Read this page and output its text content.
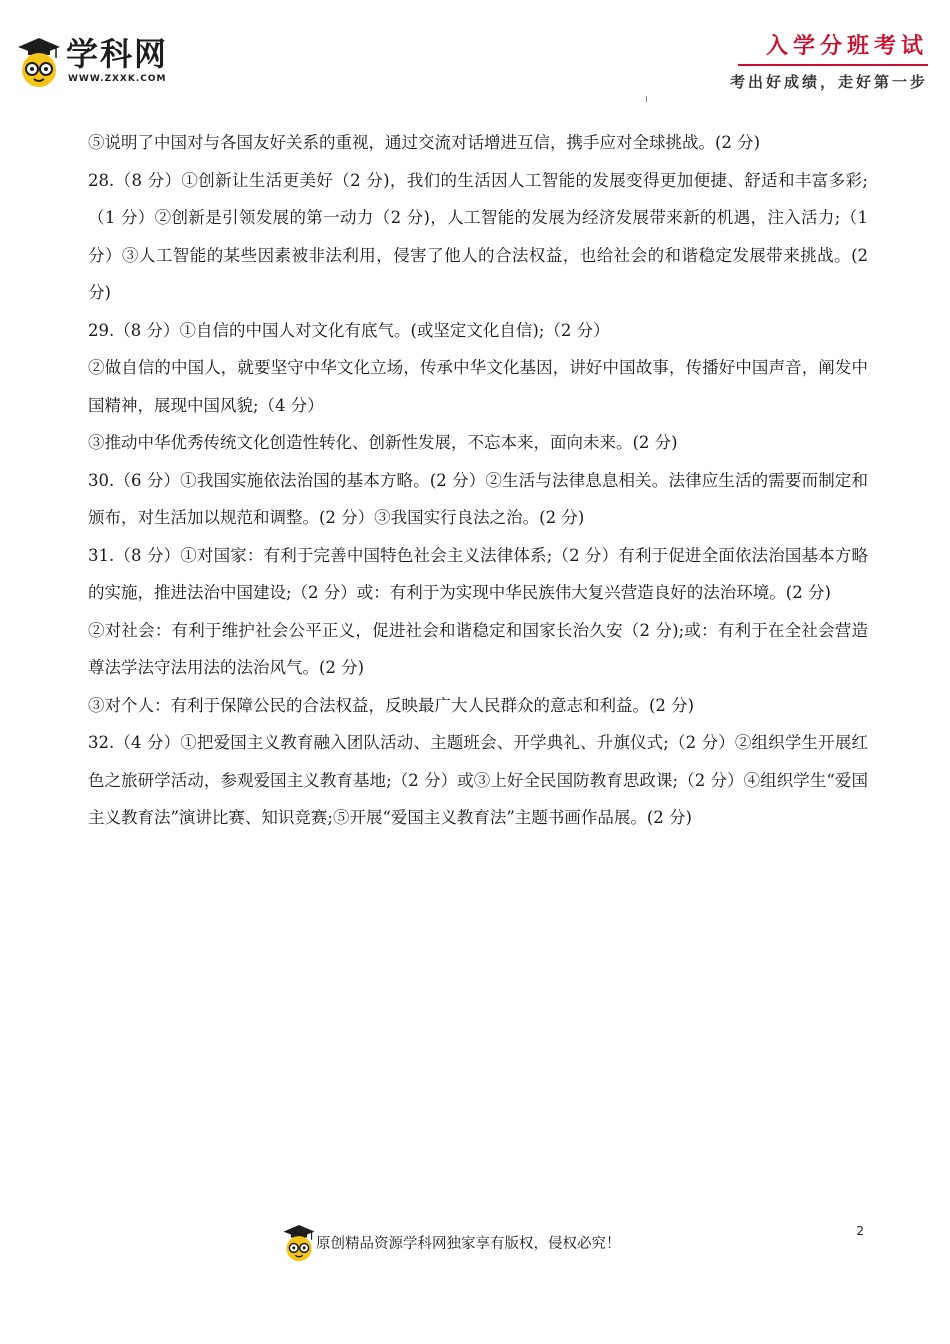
学科网
WWW.ZXXK.COM
入学分班考试
考出好成绩，走好第一步

⑤说明了中国对与各国友好关系的重视，通过交流对话增进互信，携手应对全球挑战。(2 分)

28.（8 分）①创新让生活更美好（2 分)，我们的生活因人工智能的发展变得更加便捷、舒适和丰富多彩;（1 分）②创新是引领发展的第一动力（2 分)，人工智能的发展为经济发展带来新的机遇，注入活力;（1 分）③人工智能的某些因素被非法利用，侵害了他人的合法权益，也给社会的和谐稳定发展带来挑战。(2 分)

29.（8 分）①自信的中国人对文化有底气。(或坚定文化自信);（2 分）

②做自信的中国人，就要坚守中华文化立场，传承中华文化基因，讲好中国故事，传播好中国声音，阐发中国精神，展现中国风貌;（4 分）

③推动中华优秀传统文化创造性转化、创新性发展，不忘本来，面向未来。(2 分)

30.（6 分）①我国实施依法治国的基本方略。(2 分）②生活与法律息息相关。法律应生活的需要而制定和颁布，对生活加以规范和调整。(2 分）③我国实行良法之治。(2 分)

31.（8 分）①对国家：有利于完善中国特色社会主义法律体系;（2 分）有利于促进全面依法治国基本方略的实施，推进法治中国建设;（2 分）或：有利于为实现中华民族伟大复兴营造良好的法治环境。(2 分)

②对社会：有利于维护社会公平正义，促进社会和谐稳定和国家长治久安（2 分);或：有利于在全社会营造尊法学法守法用法的法治风气。(2 分)

③对个人：有利于保障公民的合法权益，反映最广大人民群众的意志和利益。(2 分)

32.（4 分）①把爱国主义教育融入团队活动、主题班会、开学典礼、升旗仪式;（2 分）②组织学生开展红色之旅研学活动，参观爱国主义教育基地;（2 分）或③上好全民国防教育思政课;（2 分）④组织学生“爱国主义教育法”演讲比赛、知识竞赛;⑤开展“爱国主义教育法”主题书画作品展。(2 分)

2
原创精品资源学科网独家享有版权，侵权必究！
